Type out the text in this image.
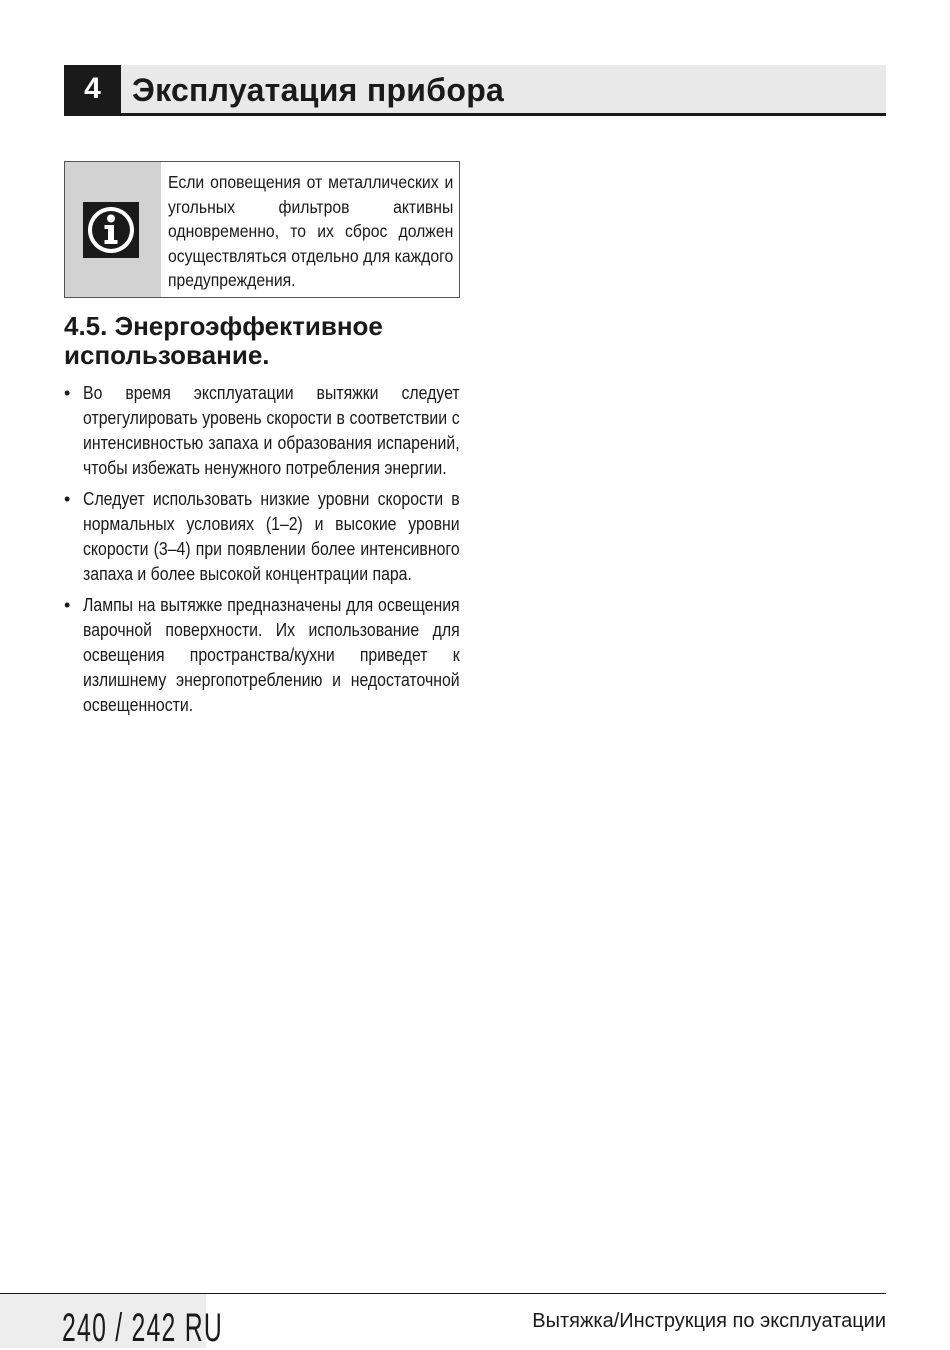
4 Эксплуатация прибора
Если оповещения от металлических и угольных фильтров активны одновременно, то их сброс должен осуществляться отдельно для каждого предупреждения.
4.5. Энергоэффективное
использование.
• Во время эксплуатации вытяжки следует отрегулировать уровень скорости в соответствии с интенсивностью запаха и образования испарений, чтобы избежать ненужного потребления энергии.
• Следует использовать низкие уровни скорости в нормальных условиях (1–2) и высокие уровни скорости (3–4) при появлении более интенсивного запаха и более высокой концентрации пара.
• Лампы на вытяжке предназначены для освещения варочной поверхности. Их использование для освещения пространства/кухни приведет к излишнему энергопотреблению и недостаточной освещенности.
240 / 242 RU	Вытяжка/Инструкция по эксплуатации
